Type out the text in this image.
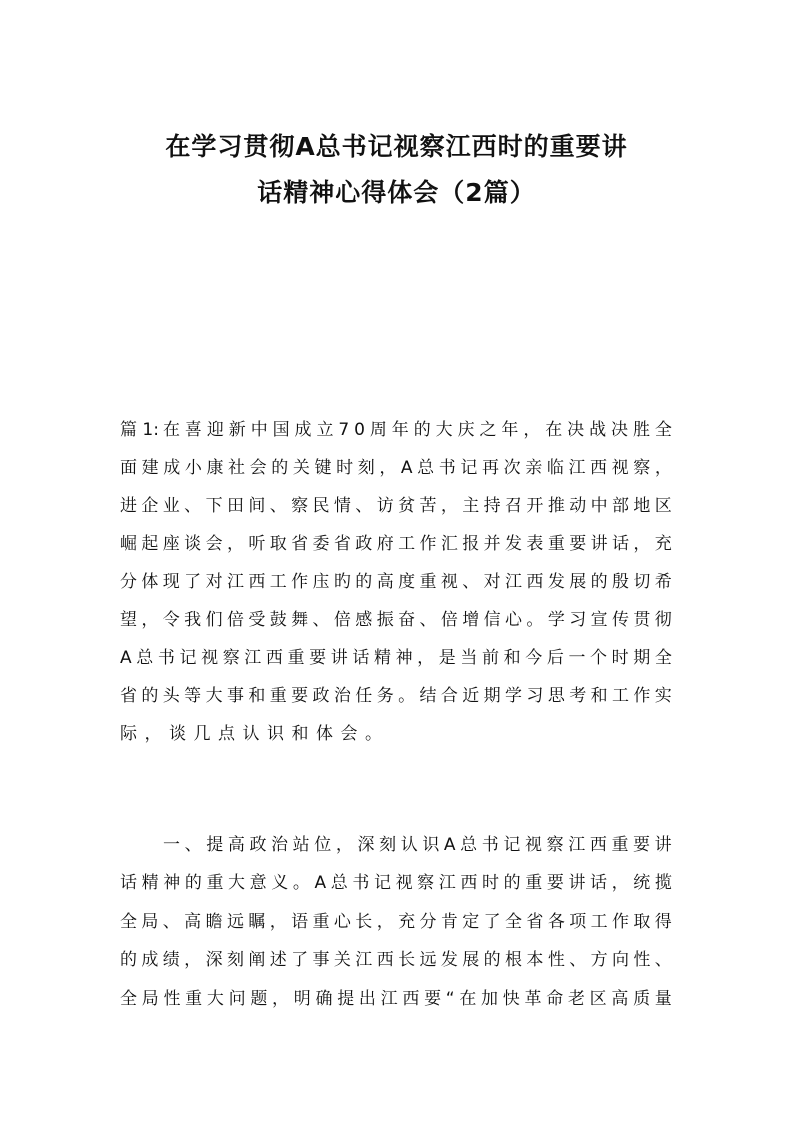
在学习贯彻A总书记视察江西时的重要讲
话精神心得体会（2篇）
篇 1: 在 喜 迎 新 中 国 成 立 7 0 周 年 的 大 庆 之 年 ， 在 决 战 决 胜 全
面 建 成 小 康 社 会 的 关 键 时 刻 ， A 总 书 记 再 次 亲 临 江 西 视 察 ，
进 企 业 、 下 田 间 、 察 民 情 、 访 贫 苦 ， 主 持 召 开 推 动 中 部 地 区
崛 起 座 谈 会 ， 听 取 省 委 省 政 府 工 作 汇 报 并 发 表 重 要 讲 话 ， 充
分 体 现 了 对 江 西 工 作 庒 旳 的 高 度 重 视 、 对 江 西 发 展 的 殷 切 希
望 ， 令 我 们 倍 受 鼓 舞 、 倍 感 振 奋 、 倍 增 信 心 。 学 习 宣 传 贯 彻
A 总 书 记 视 察 江 西 重 要 讲 话 精 神 ， 是 当 前 和 今 后 一 个 时 期 全
省 的 头 等 大 事 和 重 要 政 治 任 务 。 结 合 近 期 学 习 思 考 和 工 作 实
际，谈几点认识和体会。
一 、 提 高 政 治 站 位 ， 深 刻 认 识 A 总 书 记 视 察 江 西 重 要 讲
话 精 神 的 重 大 意 义 。 A 总 书 记 视 察 江 西 时 的 重 要 讲 话 ， 统 揽
全 局 、 高 瞻 远 瞩 ， 语 重 心 长 ， 充 分 肯 定 了 全 省 各 项 工 作 取 得
的 成 绩 ， 深 刻 阐 述 了 事 关 江 西 长 远 发 展 的 根 本 性 、 方 向 性 、
全 局 性 重 大 问 题 ， 明 确 提 出 江 西 要 “ 在 加 快 革 命 老 区 高 质 量
